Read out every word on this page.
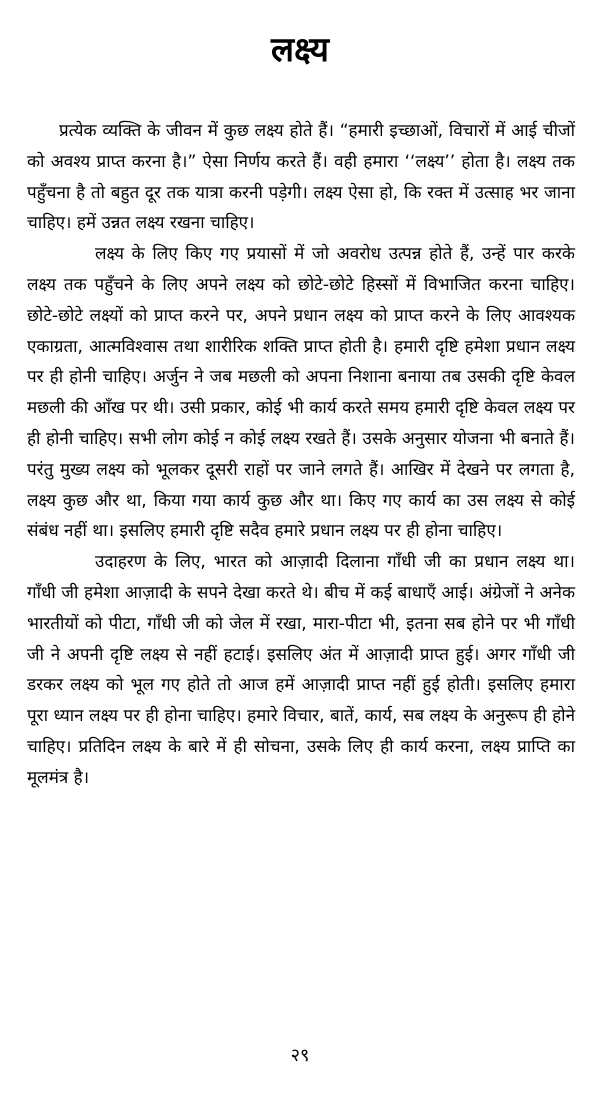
लक्ष्य

प्रत्येक व्यक्ति के जीवन में कुछ लक्ष्य होते हैं। “हमारी इच्छाओं, विचारों में आई चीजों को अवश्य प्राप्त करना है।” ऐसा निर्णय करते हैं। वही हमारा ‘‘लक्ष्य’’ होता है। लक्ष्य तक पहुँचना है तो बहुत दूर तक यात्रा करनी पड़ेगी। लक्ष्य ऐसा हो, कि रक्त में उत्साह भर जाना चाहिए। हमें उन्नत लक्ष्य रखना चाहिए।

लक्ष्य के लिए किए गए प्रयासों में जो अवरोध उत्पन्न होते हैं, उन्हें पार करके लक्ष्य तक पहुँचने के लिए अपने लक्ष्य को छोटे-छोटे हिस्सों में विभाजित करना चाहिए। छोटे-छोटे लक्ष्यों को प्राप्त करने पर, अपने प्रधान लक्ष्य को प्राप्त करने के लिए आवश्यक एकाग्रता, आत्मविश्वास तथा शारीरिक शक्ति प्राप्त होती है। हमारी दृष्टि हमेशा प्रधान लक्ष्य पर ही होनी चाहिए। अर्जुन ने जब मछली को अपना निशाना बनाया तब उसकी दृष्टि केवल मछली की आँख पर थी। उसी प्रकार, कोई भी कार्य करते समय हमारी दृष्टि केवल लक्ष्य पर ही होनी चाहिए। सभी लोग कोई न कोई लक्ष्य रखते हैं। उसके अनुसार योजना भी बनाते हैं। परंतु मुख्य लक्ष्य को भूलकर दूसरी राहों पर जाने लगते हैं। आखिर में देखने पर लगता है, लक्ष्य कुछ और था, किया गया कार्य कुछ और था। किए गए कार्य का उस लक्ष्य से कोई संबंध नहीं था। इसलिए हमारी दृष्टि सदैव हमारे प्रधान लक्ष्य पर ही होना चाहिए।

उदाहरण के लिए, भारत को आज़ादी दिलाना गाँधी जी का प्रधान लक्ष्य था। गाँधी जी हमेशा आज़ादी के सपने देखा करते थे। बीच में कई बाधाएँ आई। अंग्रेजों ने अनेक भारतीयों को पीटा, गाँधी जी को जेल में रखा, मारा-पीटा भी, इतना सब होने पर भी गाँधी जी ने अपनी दृष्टि लक्ष्य से नहीं हटाई। इसलिए अंत में आज़ादी प्राप्त हुई। अगर गाँधी जी डरकर लक्ष्य को भूल गए होते तो आज हमें आज़ादी प्राप्त नहीं हुई होती। इसलिए हमारा पूरा ध्यान लक्ष्य पर ही होना चाहिए। हमारे विचार, बातें, कार्य, सब लक्ष्य के अनुरूप ही होने चाहिए। प्रतिदिन लक्ष्य के बारे में ही सोचना, उसके लिए ही कार्य करना, लक्ष्य प्राप्ति का मूलमंत्र है।

२९
